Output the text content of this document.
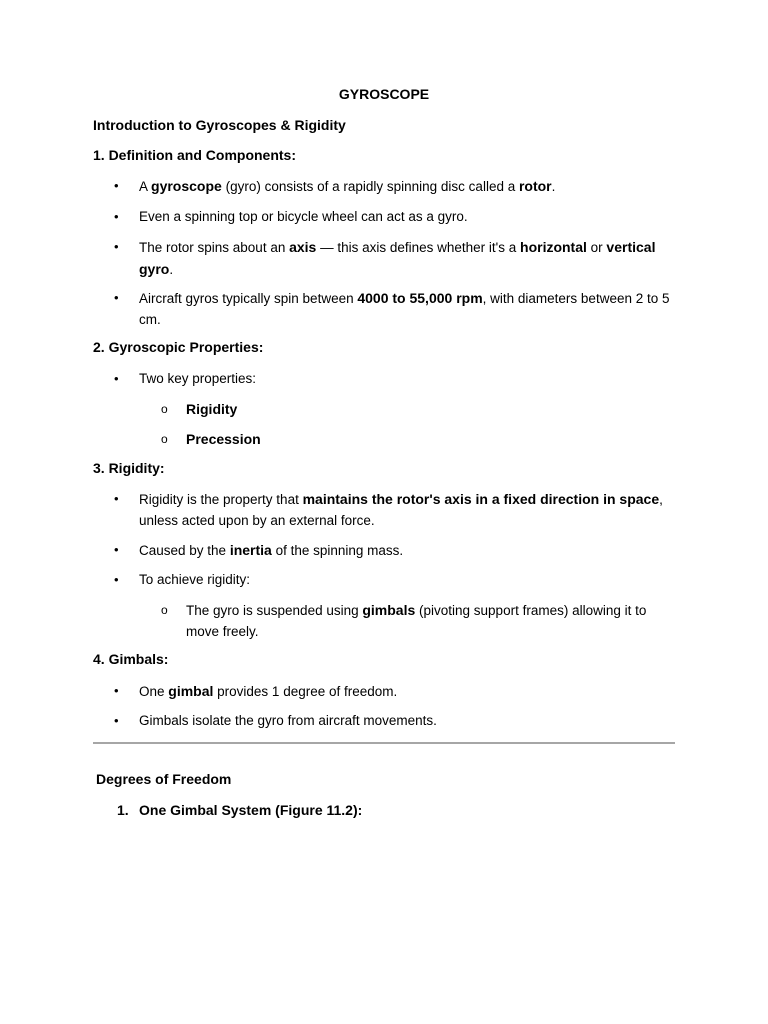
GYROSCOPE
Introduction to Gyroscopes & Rigidity
1. Definition and Components:
•	A gyroscope (gyro) consists of a rapidly spinning disc called a rotor.
•	Even a spinning top or bicycle wheel can act as a gyro.
•	The rotor spins about an axis — this axis defines whether it's a horizontal or vertical gyro.
•	Aircraft gyros typically spin between 4000 to 55,000 rpm, with diameters between 2 to 5 cm.
2. Gyroscopic Properties:
•	Two key properties:
o	Rigidity
o	Precession
3. Rigidity:
•	Rigidity is the property that maintains the rotor's axis in a fixed direction in space, unless acted upon by an external force.
•	Caused by the inertia of the spinning mass.
•	To achieve rigidity:
o	The gyro is suspended using gimbals (pivoting support frames) allowing it to move freely.
4. Gimbals:
•	One gimbal provides 1 degree of freedom.
•	Gimbals isolate the gyro from aircraft movements.
Degrees of Freedom
1. One Gimbal System (Figure 11.2):
